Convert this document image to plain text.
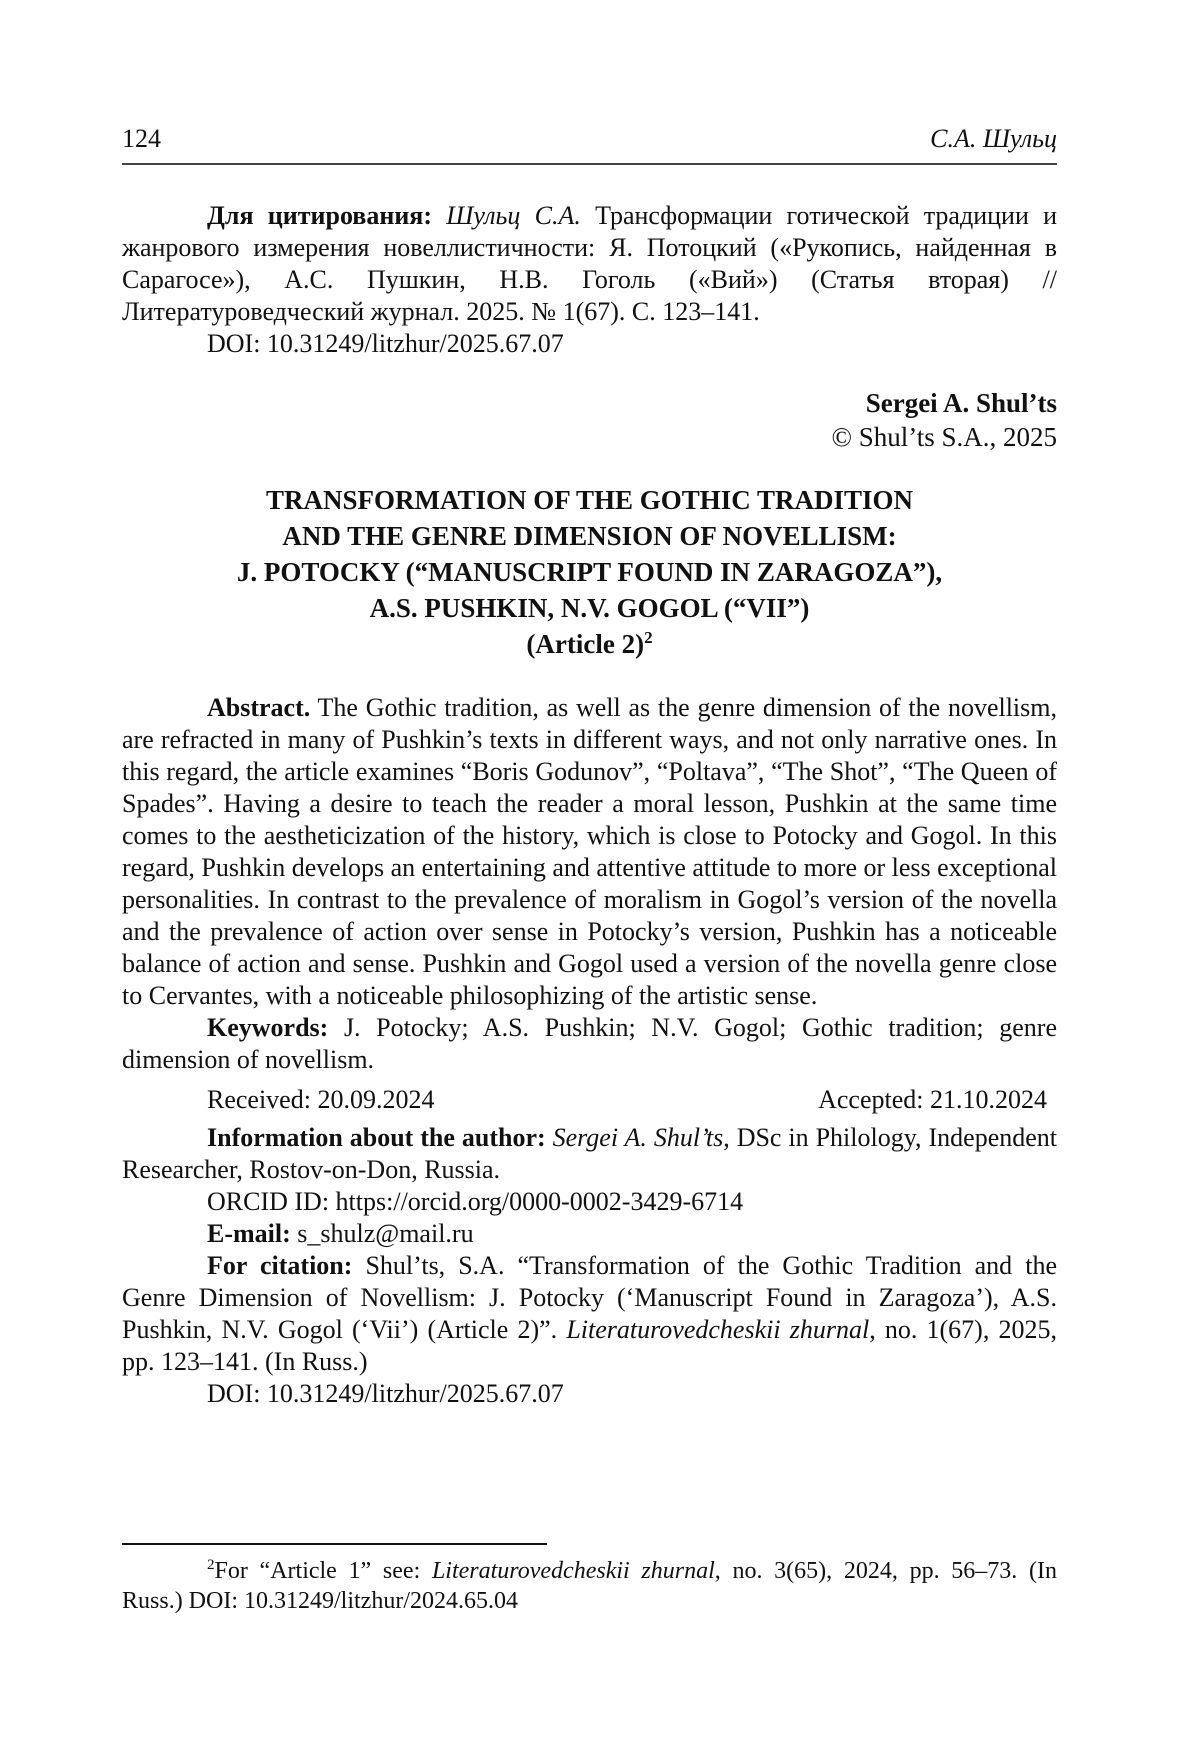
124	С.А. Шульц

Для цитирования: Шульц С.А. Трансформации готической традиции и жанрового измерения новеллистичности: Я. Потоцкий («Рукопись, найденная в Сарагосе»), А.С. Пушкин, Н.В. Гоголь («Вий») (Статья вторая) // Литературоведческий журнал. 2025. № 1(67). С. 123–141.

DOI: 10.31249/litzhur/2025.67.07

Sergei A. Shul’ts
© Shul’ts S.A., 2025
TRANSFORMATION OF THE GOTHIC TRADITION
AND THE GENRE DIMENSION OF NOVELLISM:
J. POTOCKY (“MANUSCRIPT FOUND IN ZARAGOZA”),
A.S. PUSHKIN, N.V. GOGOL (“VII”)
(Article 2)$^2$

Abstract. The Gothic tradition, as well as the genre dimension of the novellism, are refracted in many of Pushkin’s texts in different ways, and not only narrative ones. In this regard, the article examines “Boris Godunov”, “Poltava”, “The Shot”, “The Queen of Spades”. Having a desire to teach the reader a moral lesson, Pushkin at the same time comes to the aestheticization of the history, which is close to Potocky and Gogol. In this regard, Pushkin develops an entertaining and attentive attitude to more or less exceptional personalities. In contrast to the prevalence of moralism in Gogol’s version of the novella and the prevalence of action over sense in Potocky’s version, Pushkin has a noticeable balance of action and sense. Pushkin and Gogol used a version of the novella genre close to Cervantes, with a noticeable philosophizing of the artistic sense.

Keywords: J. Potocky; A.S. Pushkin; N.V. Gogol; Gothic tradition; genre dimension of novellism.

Received: 20.09.2024	Accepted: 21.10.2024

Information about the author: Sergei A. Shul’ts, DSc in Philology, Independent Researcher, Rostov-on-Don, Russia.

ORCID ID: https://orcid.org/0000-0002-3429-6714

E-mail: s_shulz@mail.ru

For citation: Shul’ts, S.A. “Transformation of the Gothic Tradition and the Genre Dimension of Novellism: J. Potocky (‘Manuscript Found in Zaragoza’), A.S. Pushkin, N.V. Gogol (‘Vii’) (Article 2)”. Literaturovedcheskii zhurnal, no. 1(67), 2025, pp. 123–141. (In Russ.)

DOI: 10.31249/litzhur/2025.67.07

$^2$For “Article 1” see: Literaturovedcheskii zhurnal, no. 3(65), 2024, pp. 56–73. (In Russ.) DOI: 10.31249/litzhur/2024.65.04
